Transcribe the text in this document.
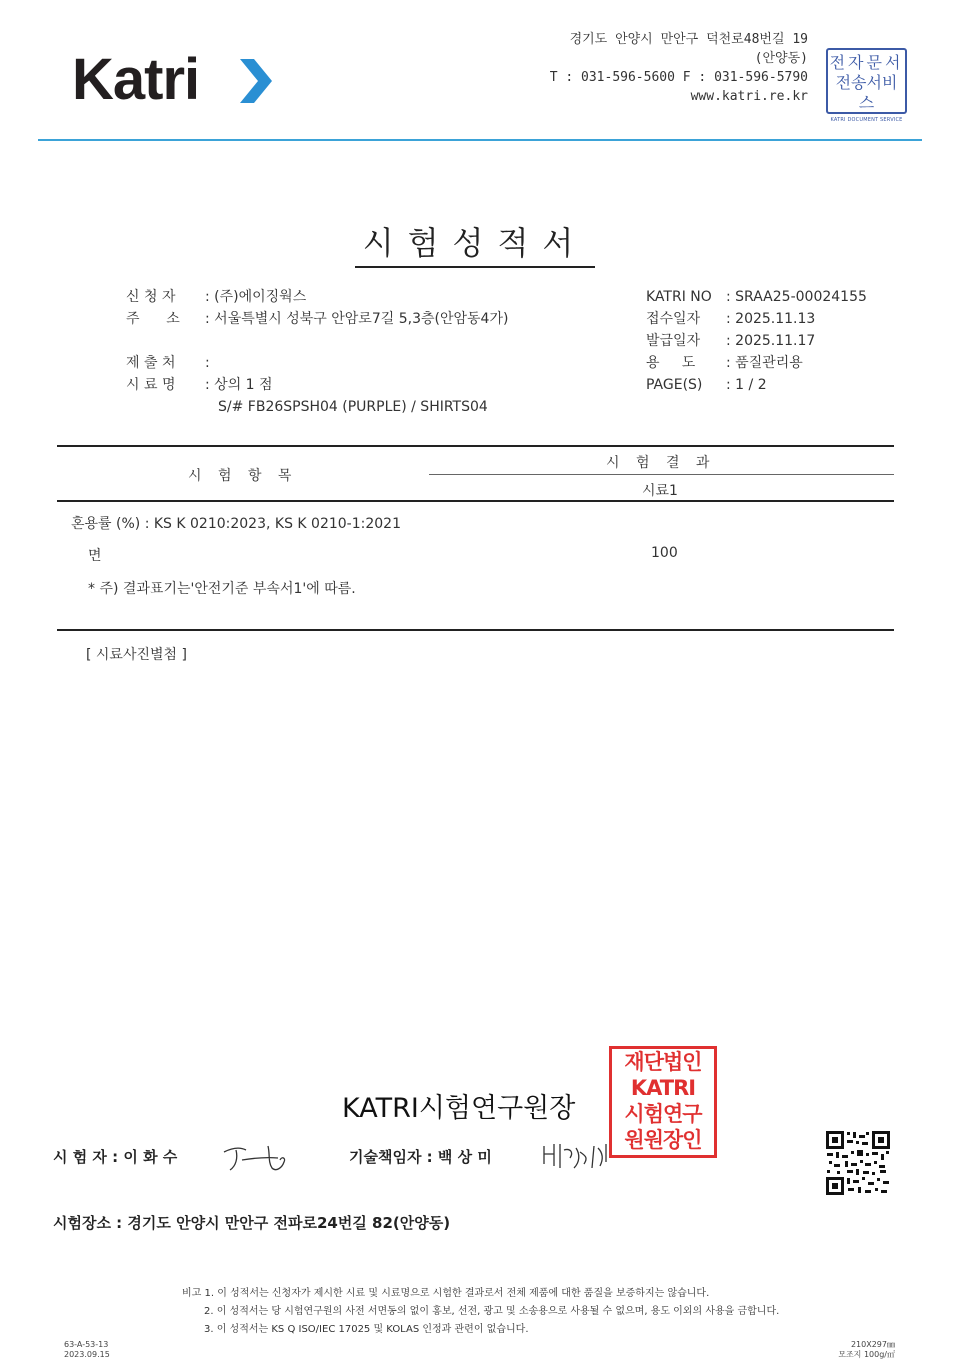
Katri
경기도 안양시 만안구 덕천로48번길 19
(안양동)
T : 031-596-5600 F : 031-596-5790
www.katri.re.kr
전자문서
전송서비스
KATRI DOCUMENT SERVICE
시험성적서
신 청 자 : (주)에이징웍스
주      소 : 서울특별시 성북구 안암로7길 5,3층(안암동4가)
제 출 처 :
시 료 명 : 상의 1 점
S/# FB26SPSH04 (PURPLE) / SHIRTS04
KATRI NO : SRAA25-00024155
접수일자 : 2025.11.13
발급일자 : 2025.11.17
용     도 : 품질관리용
PAGE(S) : 1 / 2
시 험 항 목
시 험 결 과
시료1
혼용률 (%) : KS K 0210:2023, KS K 0210-1:2021
면	100
* 주) 결과표기는'안전기준 부속서1'에 따름.
[ 시료사진별첨 ]
KATRI시험연구원장
재단법인
KATRI
시험연구
원원장인
시 험 자 : 이 화 수	기술책임자 : 백 상 미
시험장소 : 경기도 안양시 만안구 전파로24번길 82(안양동)
비고 1. 이 성적서는 신청자가 제시한 시료 및 시료명으로 시험한 결과로서 전체 제품에 대한 품질을 보증하지는 않습니다.
2. 이 성적서는 당 시험연구원의 사전 서면동의 없이 홍보, 선전, 광고 및 소송용으로 사용될 수 없으며, 용도 이외의 사용을 금합니다.
3. 이 성적서는 KS Q ISO/IEC 17025 및 KOLAS 인정과 관련이 없습니다.
63-A-53-13
2023.09.15
210X297㎜
모조지 100g/㎡
